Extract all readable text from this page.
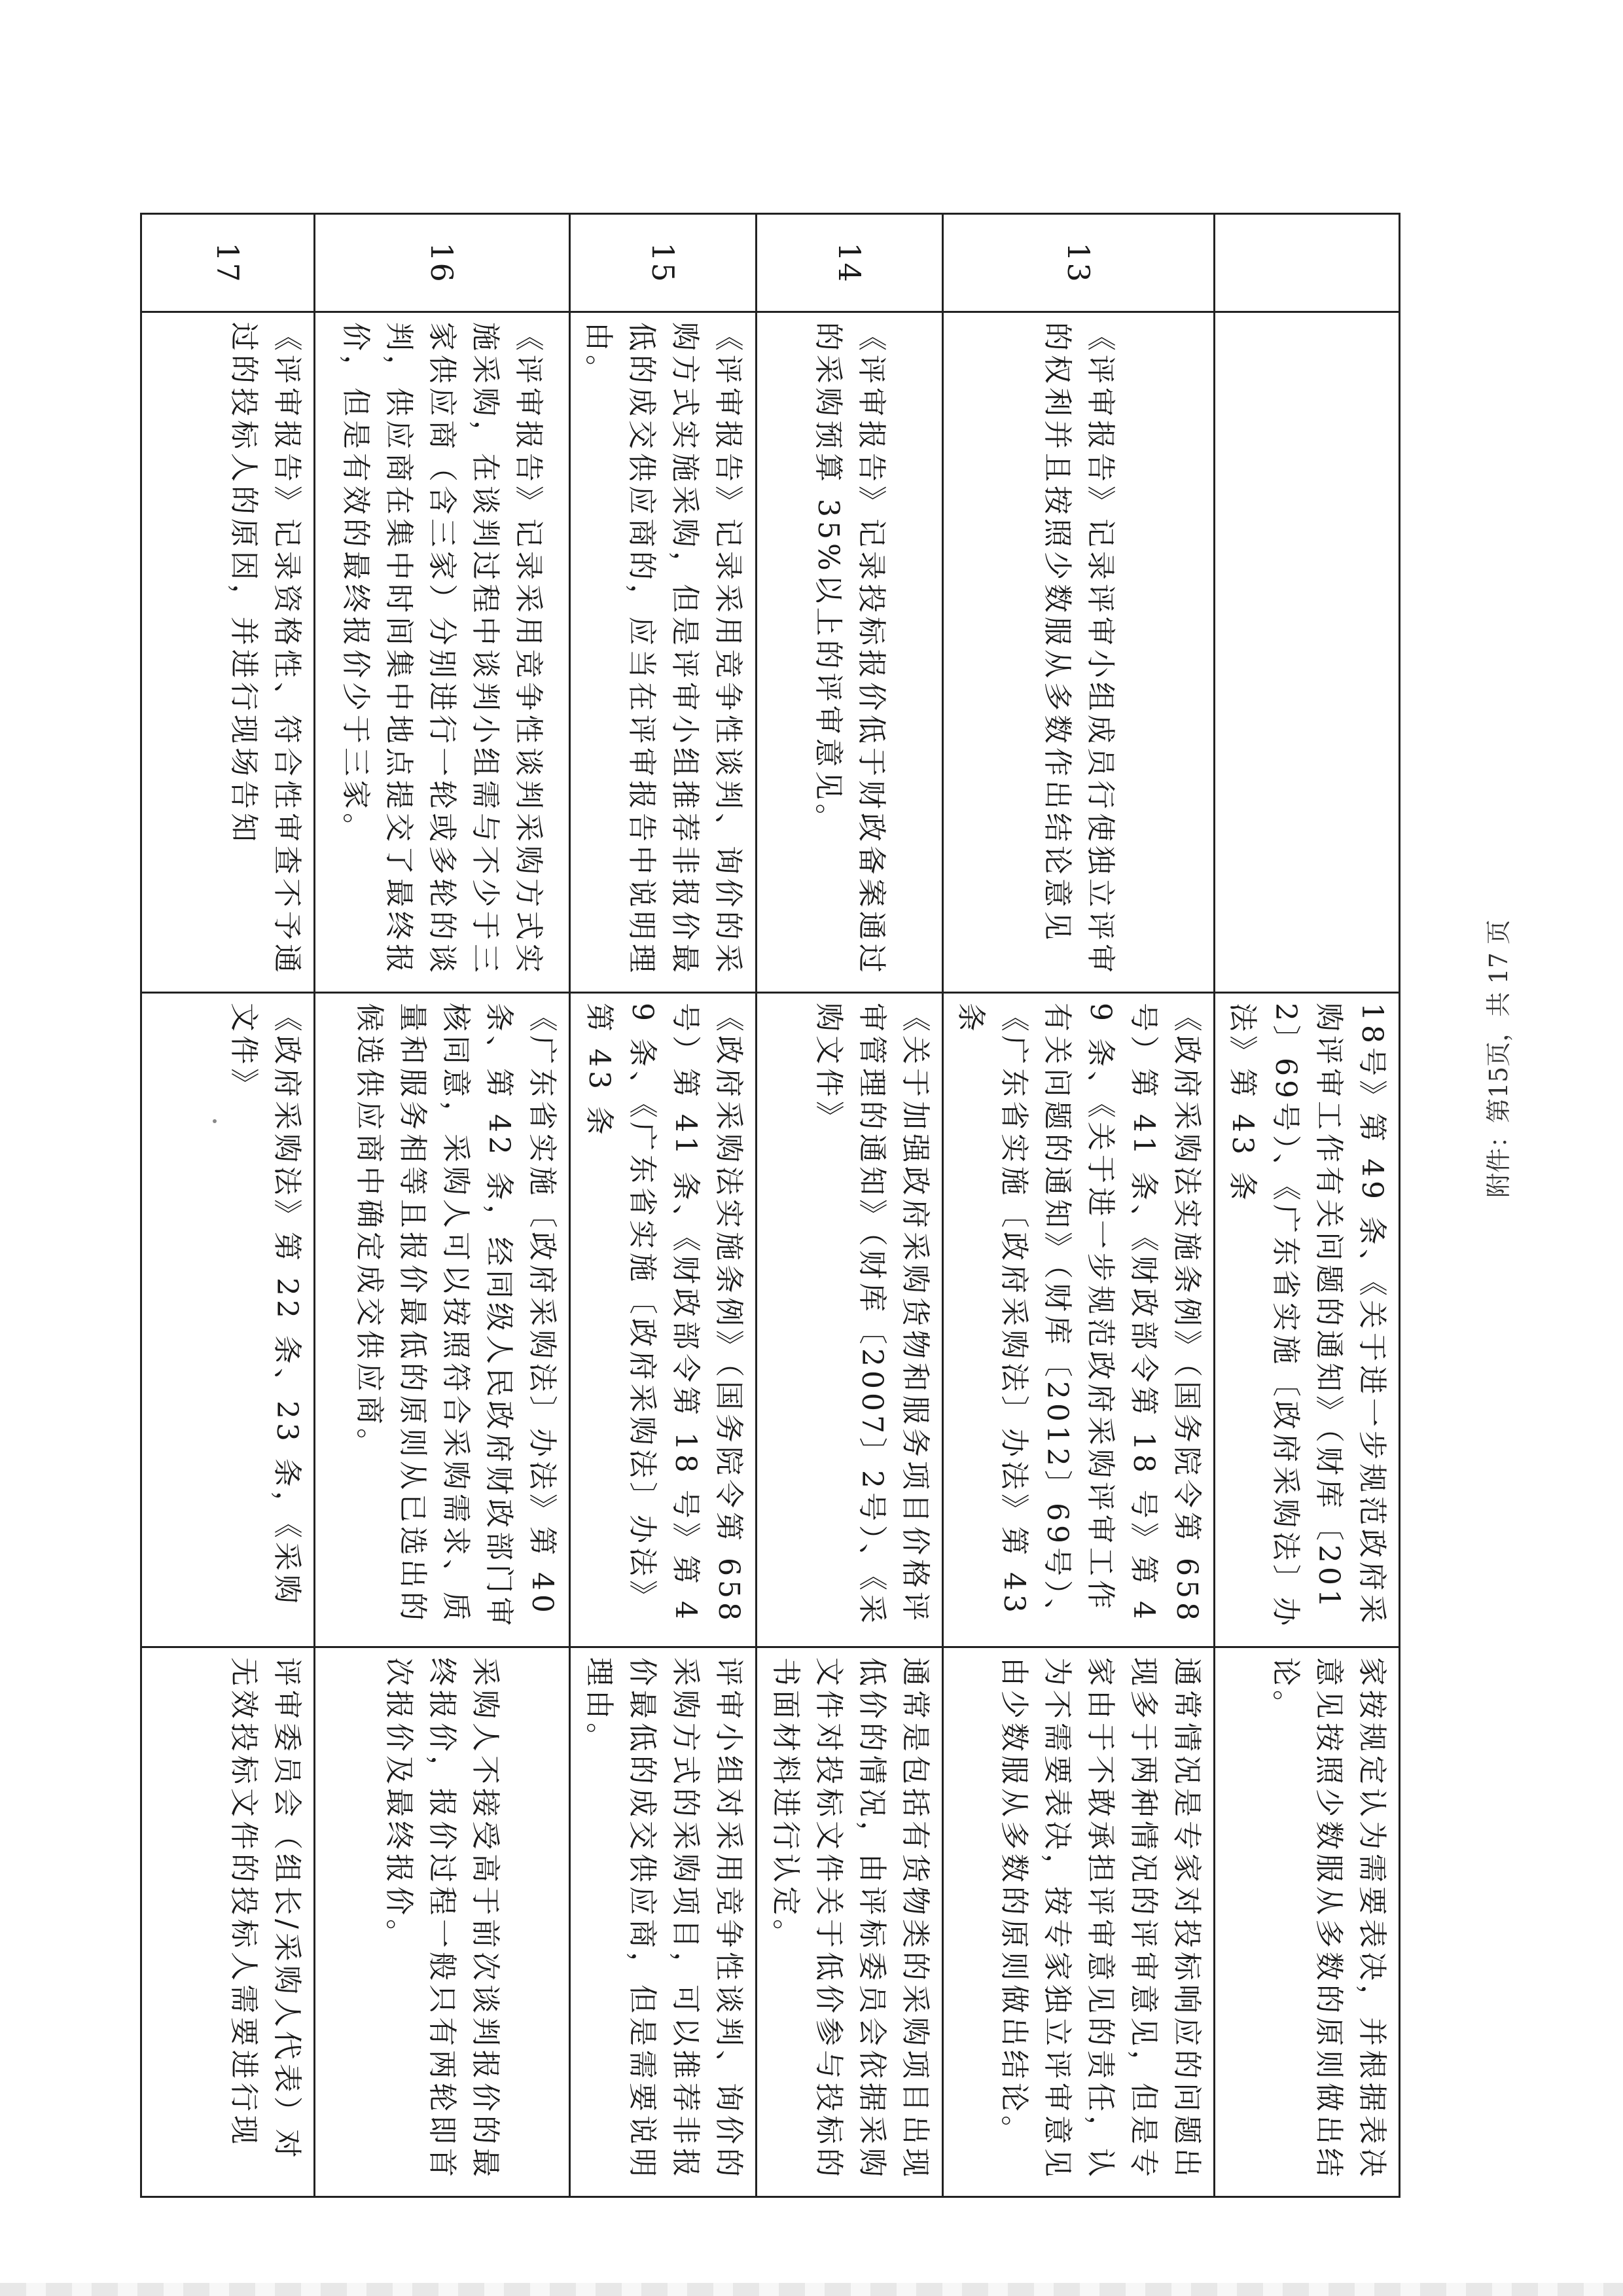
		18号》第 49 条、《关于进一步规范政府采购评审工作有关问题的通知》（财库〔2012〕69号）、《广东省实施〔政府采购法〕办法》第 43 条	家按规定认为需要表决，并根据表决意见按照少数服从多数的原则做出结论。

13	《评审报告》记录评审小组成员行使独立评审的权利并且按照少数服从多数作出结论意见	《政府采购法实施条例》（国务院令第 658 号）第 41 条、《财政部令第 18 号》第 49 条、《关于进一步规范政府采购评审工作有关问题的通知》（财库〔2012〕69号）、《广东省实施〔政府采购法〕办法》第 43 条	通常情况是专家对投标响应的问题出现多于两种情况的评审意见，但是专家由于不敢承担评审意见的责任，认为不需要表决，按专家独立评审意见由少数服从多数的原则做出结论。

14	《评审报告》记录投标报价低于财政备案通过的采购预算 35%以上的评审意见。	《关于加强政府采购货物和服务项目价格评审管理的通知》（财库〔2007〕2号）、《采购文件》	通常是包括有货物类的采购项目出现低价的情况，由评标委员会依据采购文件对投标文件关于低价参与投标的书面材料进行认定。

15	《评审报告》记录采用竞争性谈判、询价的采购方式实施采购，但是评审小组推荐非报价最低的成交供应商的，应当在评审报告中说明理由。	《政府采购法实施条例》（国务院令第 658 号）第 41 条、《财政部令第 18 号》第 49 条、《广东省实施〔政府采购法〕办法》第 43 条	评审小组对采用竞争性谈判、询价的采购方式的采购项目，可以推荐非报价最低的成交供应商，但是需要说明理由。

16	《评审报告》记录采用竞争性谈判采购方式实施采购，在谈判过程中谈判小组需与不少于三家供应商（含三家）分别进行一轮或多轮的谈判，供应商在集中时间集中地点提交了最终报价，但是有效的最终报价少于三家。	《广东省实施〔政府采购法〕办法》第 40 条、第 42 条，经同级人民政府财政部门审核同意，采购人可以按照符合采购需求、质量和服务相等且报价最低的原则从已选出的候选供应商中确定成交供应商。	采购人不接受高于前次谈判报价的最终报价，报价过程一般只有两轮即首次报价及最终报价。

17	《评审报告》记录资格性、符合性审查不予通过的投标人的原因，并进行现场告知	《政府采购法》第 22 条、23 条，《采购文件》	评审委员会（组长/采购人代表）对无效投标文件的投标人需要进行现
附件：第15页，共 17 页
